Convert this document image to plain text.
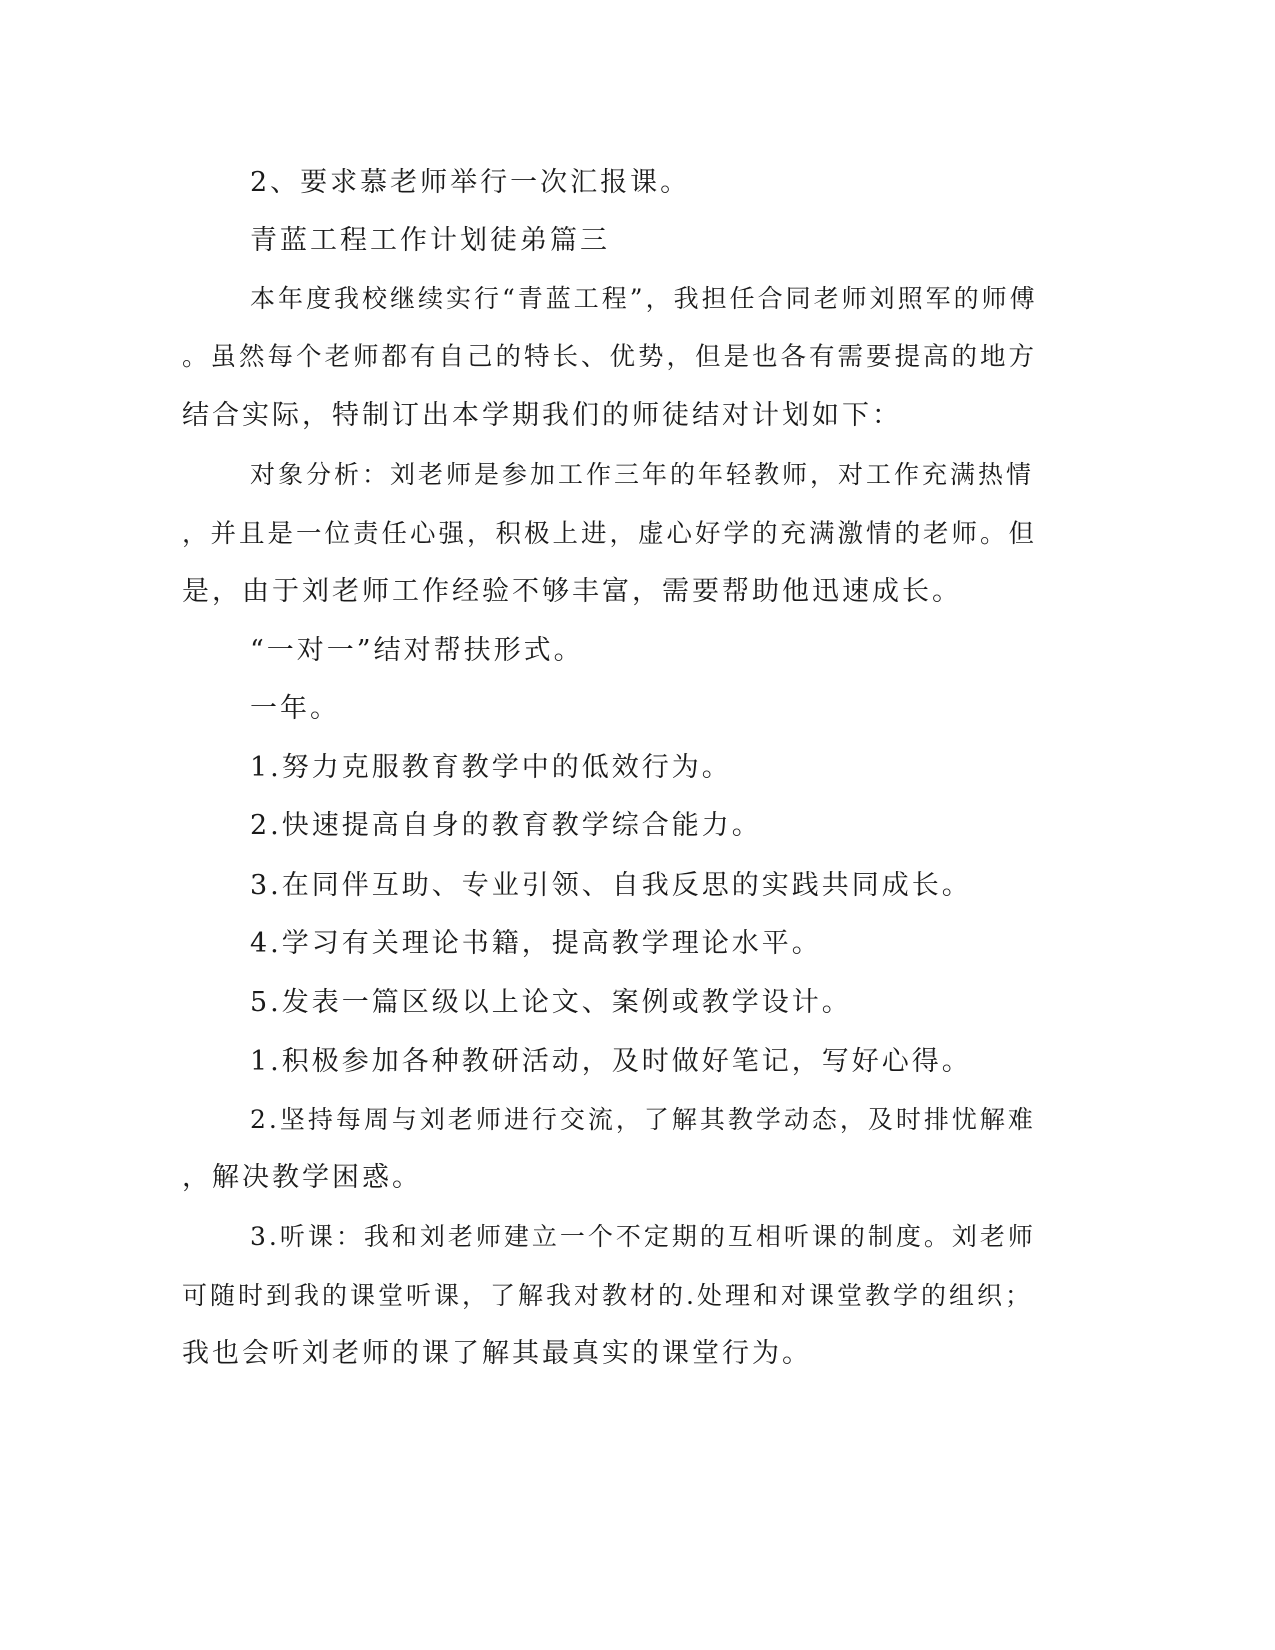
2、要求慕老师举行一次汇报课。

青蓝工程工作计划徒弟篇三

本年度我校继续实行“青蓝工程”，我担任合同老师刘照军的师傅

。虽然每个老师都有自己的特长、优势，但是也各有需要提高的地方

结合实际，特制订出本学期我们的师徒结对计划如下：

对象分析：刘老师是参加工作三年的年轻教师，对工作充满热情

，并且是一位责任心强，积极上进，虚心好学的充满激情的老师。但

是，由于刘老师工作经验不够丰富，需要帮助他迅速成长。

“一对一”结对帮扶形式。

一年。

1.努力克服教育教学中的低效行为。

2.快速提高自身的教育教学综合能力。

3.在同伴互助、专业引领、自我反思的实践共同成长。

4.学习有关理论书籍，提高教学理论水平。

5.发表一篇区级以上论文、案例或教学设计。

1.积极参加各种教研活动，及时做好笔记，写好心得。

2.坚持每周与刘老师进行交流，了解其教学动态，及时排忧解难

，解决教学困惑。

3.听课：我和刘老师建立一个不定期的互相听课的制度。刘老师

可随时到我的课堂听课，了解我对教材的.处理和对课堂教学的组织；

我也会听刘老师的课了解其最真实的课堂行为。
